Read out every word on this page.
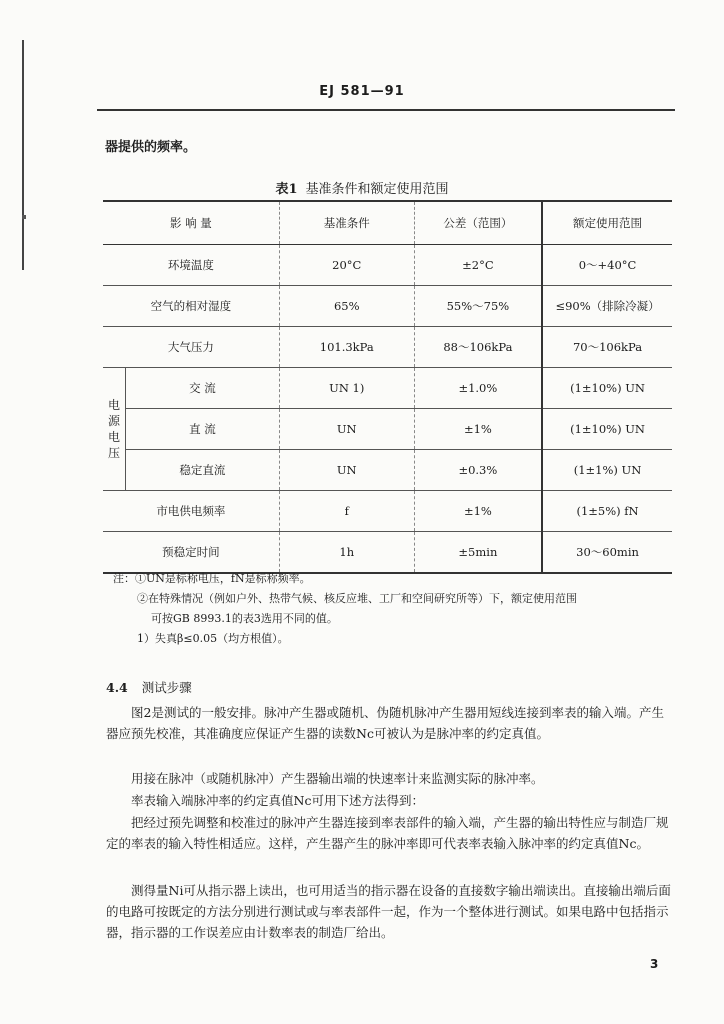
EJ 581—91
器提供的频率。
表1 基准条件和额定使用范围
影 响 量		基准条件	公差（范围）	额定使用范围
环境温度		20°C	±2°C	0～+40°C
空气的相对湿度		65%	55%～75%	≤90%（排除冷凝）
大气压力		101.3kPa	88～106kPa	70～106kPa
电源电压	交 流	UN 1)	±1.0%	(1±10%) UN
	直 流	UN	±1%	(1±10%) UN
	稳定直流	UN	±0.3%	(1±1%) UN
市电供电频率		f	±1%	(1±5%) fN
预稳定时间		1h	±5min	30～60min
注：①UN是标称电压，fN是标称频率。
②在特殊情况（例如户外、热带气候、核反应堆、工厂和空间研究所等）下，额定使用范围
可按GB 8993.1的表3选用不同的值。
1）失真β≤0.05（均方根值）。
4.4 测试步骤
图2是测试的一般安排。脉冲产生器或随机、伪随机脉冲产生器用短线连接到率表的输入端。产生器应预先校准，其准确度应保证产生器的读数Nc可被认为是脉冲率的约定真值。
用接在脉冲（或随机脉冲）产生器输出端的快速率计来监测实际的脉冲率。
率表输入端脉冲率的约定真值Nc可用下述方法得到：
把经过预先调整和校准过的脉冲产生器连接到率表部件的输入端，产生器的输出特性应与制造厂规定的率表的输入特性相适应。这样，产生器产生的脉冲率即可代表率表输入脉冲率的约定真值Nc。
测得量Ni可从指示器上读出，也可用适当的指示器在设备的直接数字输出端读出。直接输出端后面的电路可按既定的方法分别进行测试或与率表部件一起，作为一个整体进行测试。如果电路中包括指示器，指示器的工作误差应由计数率表的制造厂给出。
3
